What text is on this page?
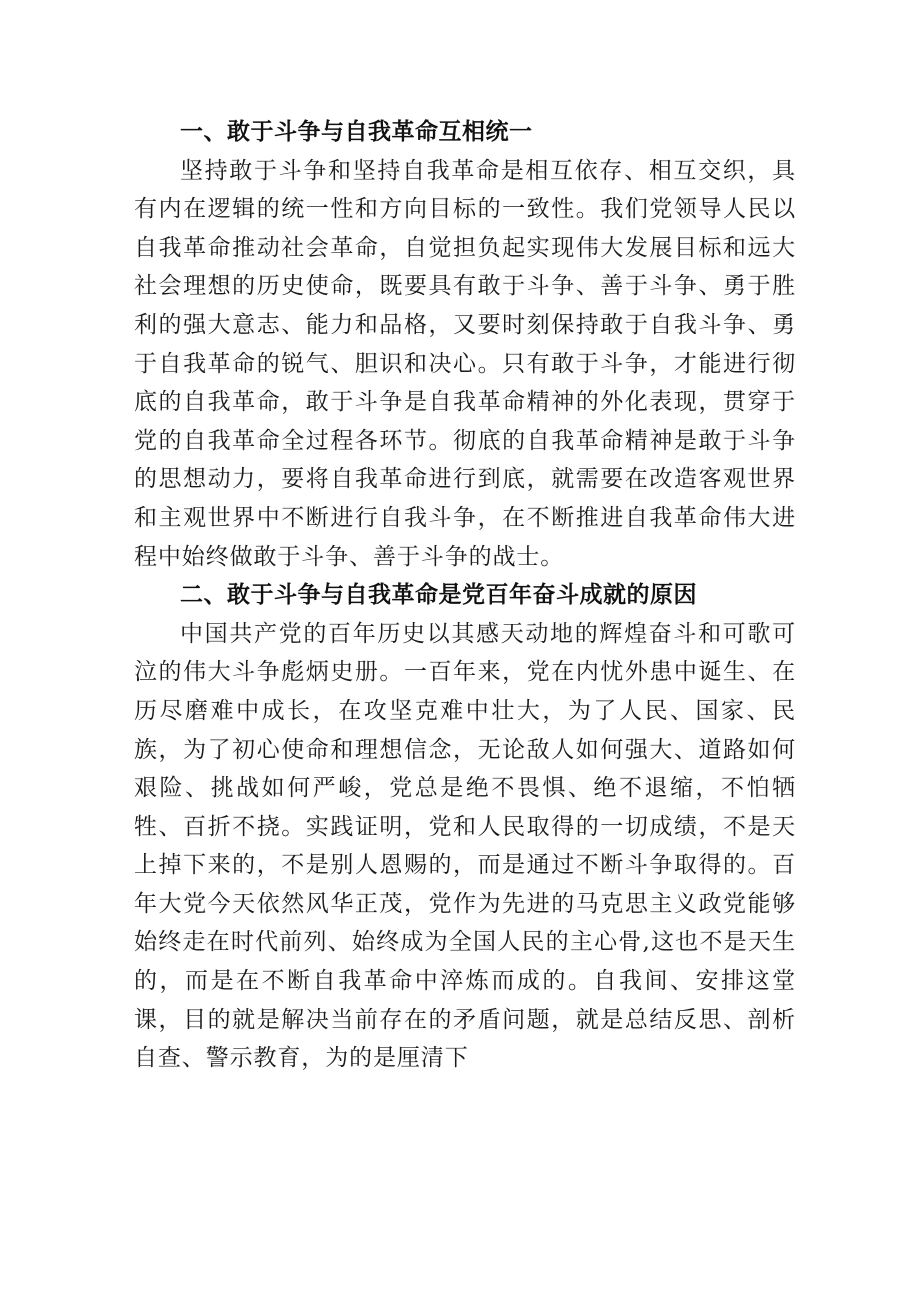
一、敢于斗争与自我革命互相统一

坚持敢于斗争和坚持自我革命是相互依存、相互交织，具有内在逻辑的统一性和方向目标的一致性。我们党领导人民以自我革命推动社会革命，自觉担负起实现伟大发展目标和远大社会理想的历史使命，既要具有敢于斗争、善于斗争、勇于胜利的强大意志、能力和品格，又要时刻保持敢于自我斗争、勇于自我革命的锐气、胆识和决心。只有敢于斗争，才能进行彻底的自我革命，敢于斗争是自我革命精神的外化表现，贯穿于党的自我革命全过程各环节。彻底的自我革命精神是敢于斗争的思想动力，要将自我革命进行到底，就需要在改造客观世界和主观世界中不断进行自我斗争，在不断推进自我革命伟大进程中始终做敢于斗争、善于斗争的战士。

二、敢于斗争与自我革命是党百年奋斗成就的原因

中国共产党的百年历史以其感天动地的辉煌奋斗和可歌可泣的伟大斗争彪炳史册。一百年来，党在内忧外患中诞生、在历尽磨难中成长，在攻坚克难中壮大，为了人民、国家、民族，为了初心使命和理想信念，无论敌人如何强大、道路如何艰险、挑战如何严峻，党总是绝不畏惧、绝不退缩，不怕牺牲、百折不挠。实践证明，党和人民取得的一切成绩，不是天上掉下来的，不是别人恩赐的，而是通过不断斗争取得的。百年大党今天依然风华正茂，党作为先进的马克思主义政党能够始终走在时代前列、始终成为全国人民的主心骨,这也不是天生的，而是在不断自我革命中淬炼而成的。自我间、安排这堂课，目的就是解决当前存在的矛盾问题，就是总结反思、剖析自查、警示教育，为的是厘清下
